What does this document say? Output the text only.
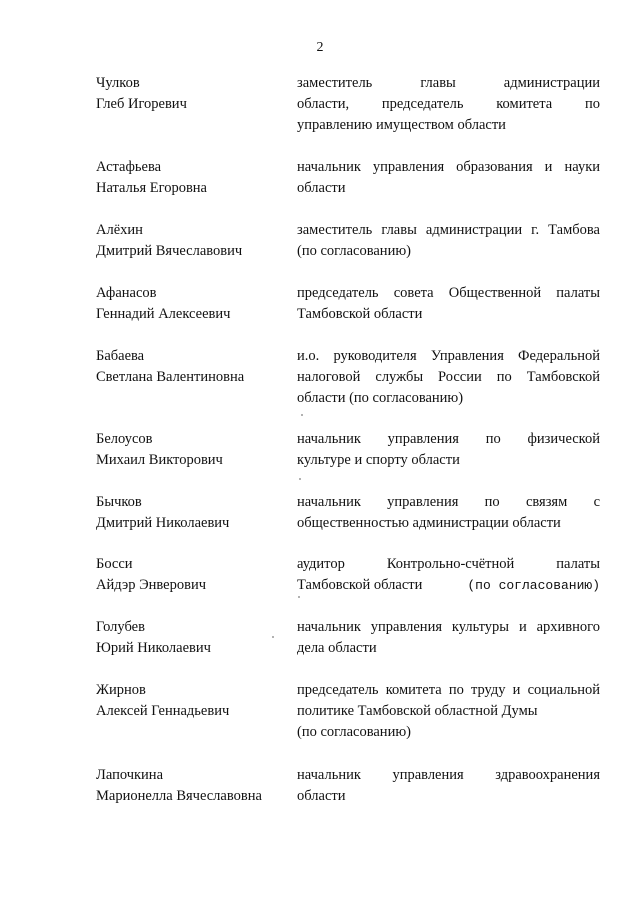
2
Чулков
Глеб Игоревич
заместитель главы администрации
области, председатель комитета по
управлению имуществом области
Астафьева
Наталья Егоровна
начальник управления образования и науки
области
Алёхин
Дмитрий Вячеславович
заместитель главы администрации г. Тамбова
(по согласованию)
Афанасов
Геннадий Алексеевич
председатель совета Общественной палаты
Тамбовской области
Бабаева
Светлана Валентиновна
и.о. руководителя Управления Федеральной
налоговой службы России по Тамбовской
области (по согласованию)
Белоусов
Михаил Викторович
начальник управления по физической
культуре и спорту области
Бычков
Дмитрий Николаевич
начальник управления по связям с
общественностью администрации области
Босси
Айдэр Энверович
аудитор Контрольно-счётной палаты
Тамбовской области	(по согласованию)
Голубев
Юрий Николаевич
начальник управления культуры и архивного
дела области
Жирнов
Алексей Геннадьевич
председатель комитета по труду и социальной
политике Тамбовской областной Думы
(по согласованию)
Лапочкина
Марионелла Вячеславовна
начальник управления здравоохранения
области
